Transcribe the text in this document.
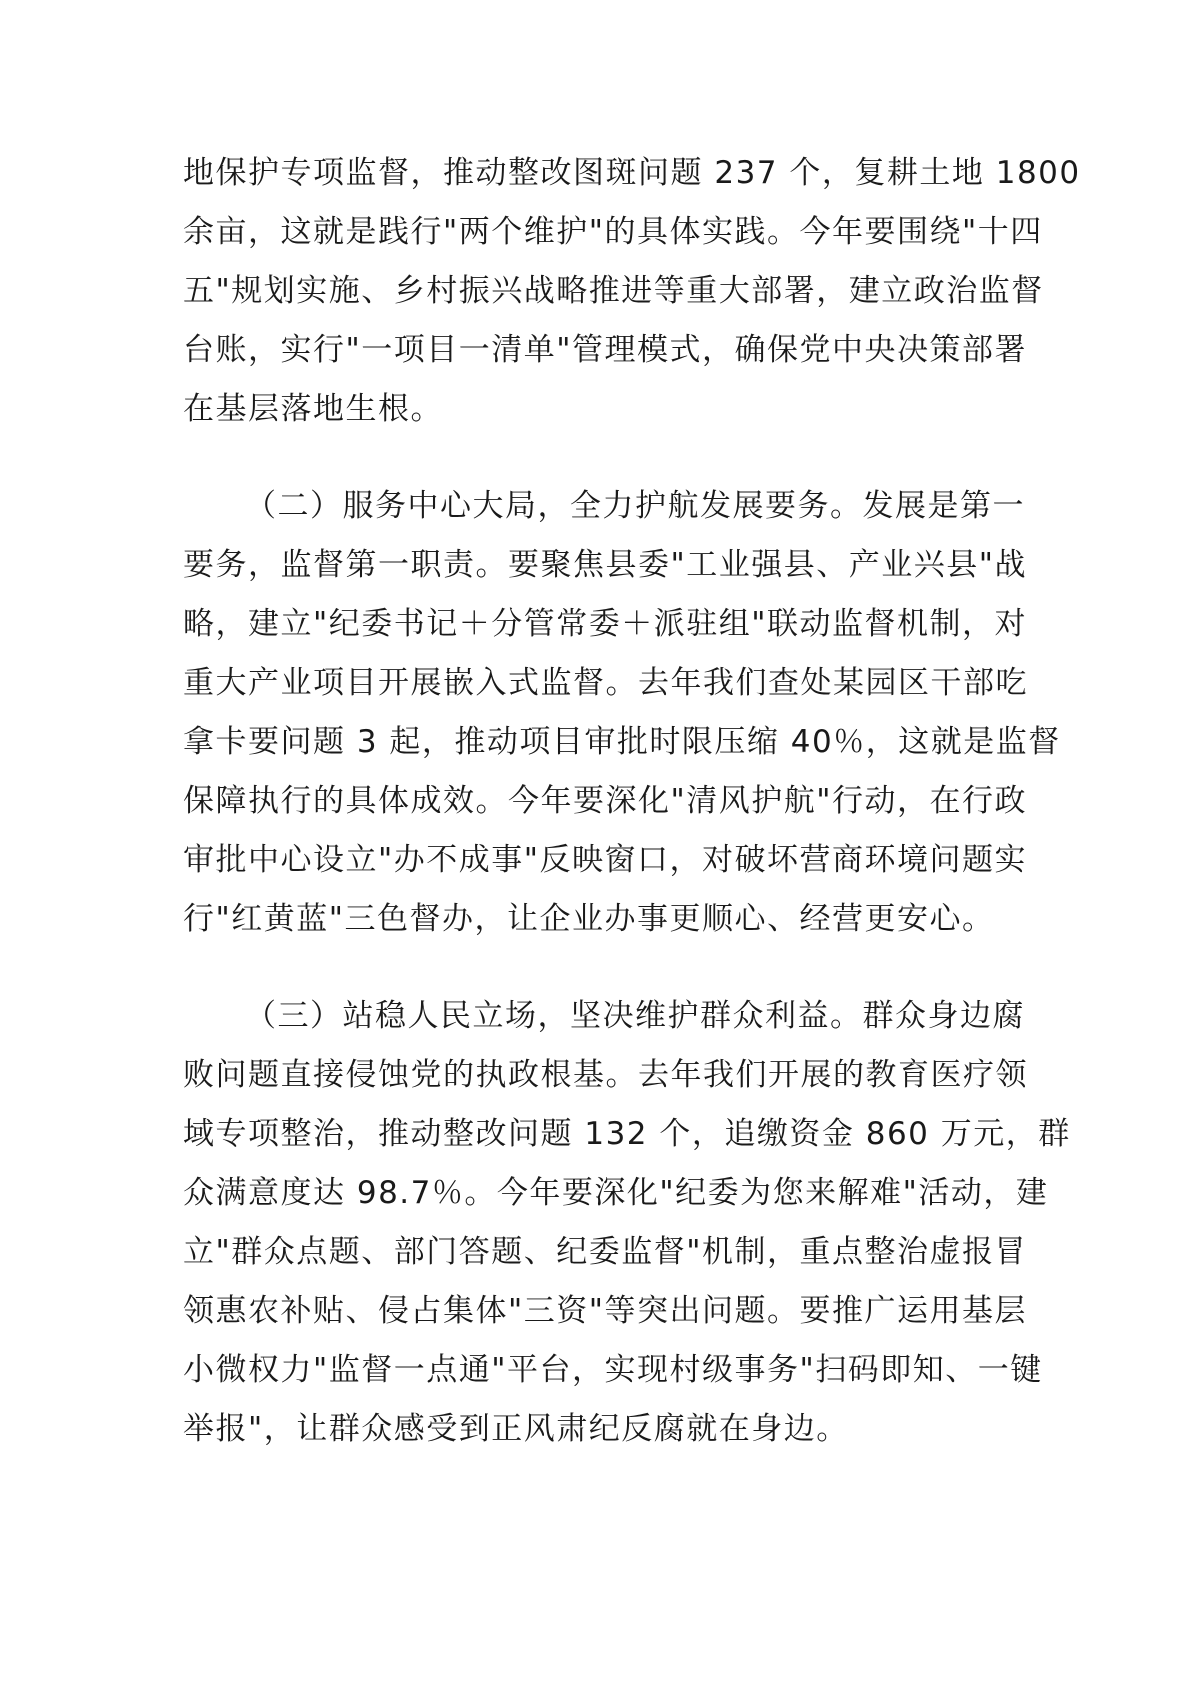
地保护专项监督，推动整改图斑问题 237 个，复耕土地 1800
余亩，这就是践行"两个维护"的具体实践。今年要围绕"十四
五"规划实施、乡村振兴战略推进等重大部署，建立政治监督
台账，实行"一项目一清单"管理模式，确保党中央决策部署
在基层落地生根。

（二）服务中心大局，全力护航发展要务。发展是第一
要务，监督第一职责。要聚焦县委"工业强县、产业兴县"战
略，建立"纪委书记＋分管常委＋派驻组"联动监督机制，对
重大产业项目开展嵌入式监督。去年我们查处某园区干部吃
拿卡要问题 3 起，推动项目审批时限压缩 40％，这就是监督
保障执行的具体成效。今年要深化"清风护航"行动，在行政
审批中心设立"办不成事"反映窗口，对破坏营商环境问题实
行"红黄蓝"三色督办，让企业办事更顺心、经营更安心。

（三）站稳人民立场，坚决维护群众利益。群众身边腐
败问题直接侵蚀党的执政根基。去年我们开展的教育医疗领
域专项整治，推动整改问题 132 个，追缴资金 860 万元，群
众满意度达 98.7％。今年要深化"纪委为您来解难"活动，建
立"群众点题、部门答题、纪委监督"机制，重点整治虚报冒
领惠农补贴、侵占集体"三资"等突出问题。要推广运用基层
小微权力"监督一点通"平台，实现村级事务"扫码即知、一键
举报"，让群众感受到正风肃纪反腐就在身边。
